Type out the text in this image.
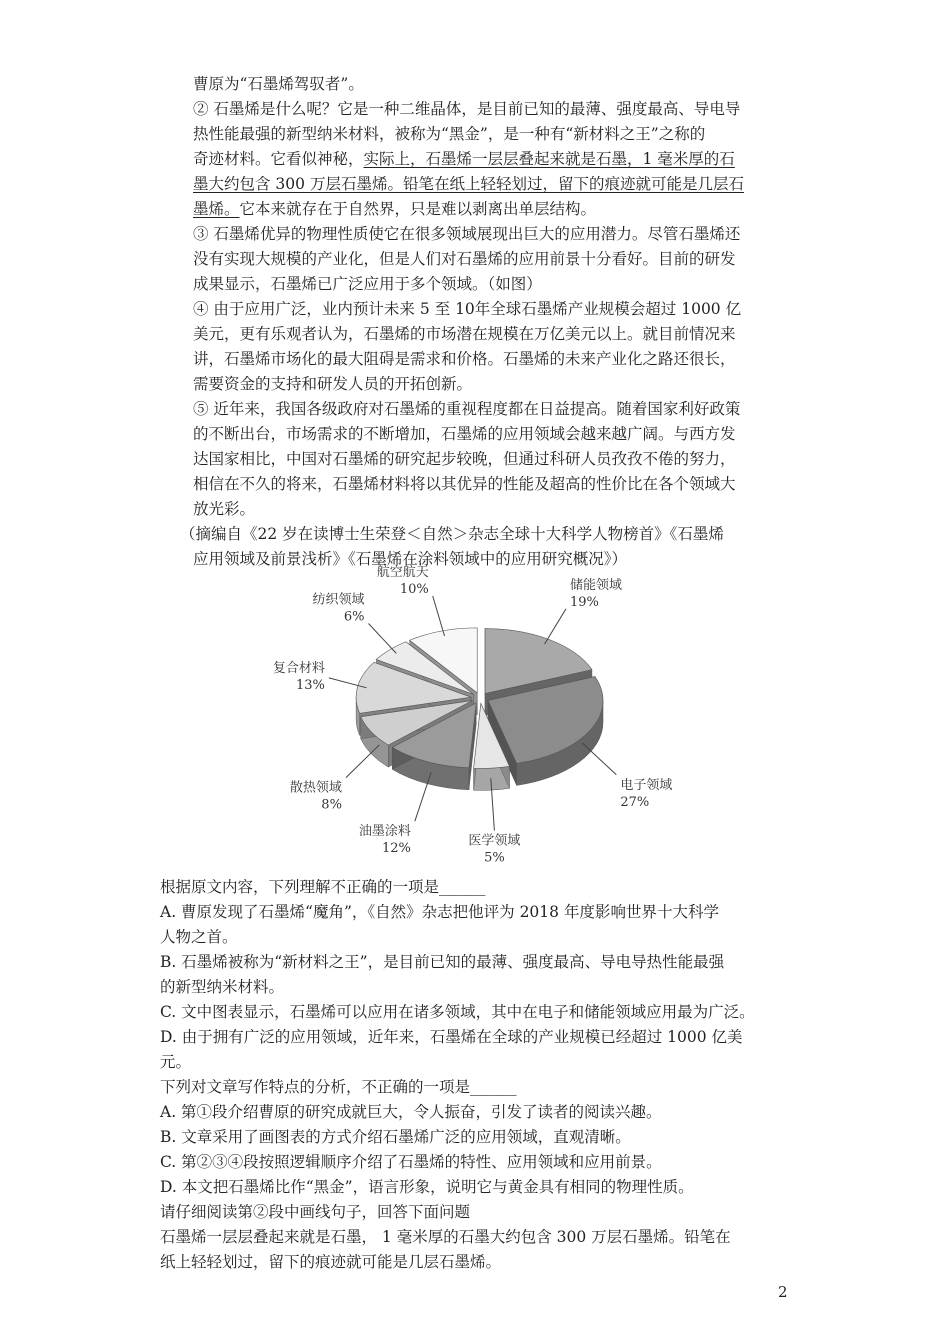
曹原为“石墨烯驾驭者”。
② 石墨烯是什么呢？它是一种二维晶体，是目前已知的最薄、强度最高、导电导
热性能最强的新型纳米材料，被称为“黑金”，是一种有“新材料之王”之称的
奇迹材料。它看似神秘，实际上，石墨烯一层层叠起来就是石墨，1 毫米厚的石
墨大约包含 300 万层石墨烯。铅笔在纸上轻轻划过，留下的痕迹就可能是几层石
墨烯。它本来就存在于自然界，只是难以剥离出单层结构。
③ 石墨烯优异的物理性质使它在很多领域展现出巨大的应用潜力。尽管石墨烯还
没有实现大规模的产业化，但是人们对石墨烯的应用前景十分看好。目前的研发
成果显示，石墨烯已广泛应用于多个领域。（如图）
④ 由于应用广泛，业内预计未来 5 至 10年全球石墨烯产业规模会超过 1000 亿
美元，更有乐观者认为，石墨烯的市场潜在规模在万亿美元以上。就目前情况来
讲，石墨烯市场化的最大阻碍是需求和价格。石墨烯的未来产业化之路还很长，
需要资金的支持和研发人员的开拓创新。
⑤ 近年来，我国各级政府对石墨烯的重视程度都在日益提高。随着国家利好政策
的不断出台，市场需求的不断增加，石墨烯的应用领域会越来越广阔。与西方发
达国家相比，中国对石墨烯的研究起步较晚，但通过科研人员孜孜不倦的努力，
相信在不久的将来，石墨烯材料将以其优异的性能及超高的性价比在各个领域大
放光彩。
（摘编自《22 岁在读博士生荣登＜自然＞杂志全球十大科学人物榜首》《石墨烯
应用领域及前景浅析》《石墨烯在涂料领域中的应用研究概况》）
储能领域
19%
电子领域
27%
医学领域
5%
油墨涂料
12%
散热领域
8%
复合材料
13%
纺织领域
6%
航空航天
10%
根据原文内容，下列理解不正确的一项是______
A. 曹原发现了石墨烯“魔角”，《自然》杂志把他评为 2018 年度影响世界十大科学
人物之首。
B. 石墨烯被称为“新材料之王”，是目前已知的最薄、强度最高、导电导热性能最强
的新型纳米材料。
C. 文中图表显示，石墨烯可以应用在诸多领域，其中在电子和储能领域应用最为广泛。
D. 由于拥有广泛的应用领域，近年来，石墨烯在全球的产业规模已经超过 1000 亿美
元。
下列对文章写作特点的分析，不正确的一项是______
A. 第①段介绍曹原的研究成就巨大，令人振奋，引发了读者的阅读兴趣。
B. 文章采用了画图表的方式介绍石墨烯广泛的应用领域，直观清晰。
C. 第②③④段按照逻辑顺序介绍了石墨烯的特性、应用领域和应用前景。
D. 本文把石墨烯比作“黑金”，语言形象，说明它与黄金具有相同的物理性质。
请仔细阅读第②段中画线句子，回答下面问题
石墨烯一层层叠起来就是石墨， 1 毫米厚的石墨大约包含 300 万层石墨烯。铅笔在
纸上轻轻划过，留下的痕迹就可能是几层石墨烯。
2
